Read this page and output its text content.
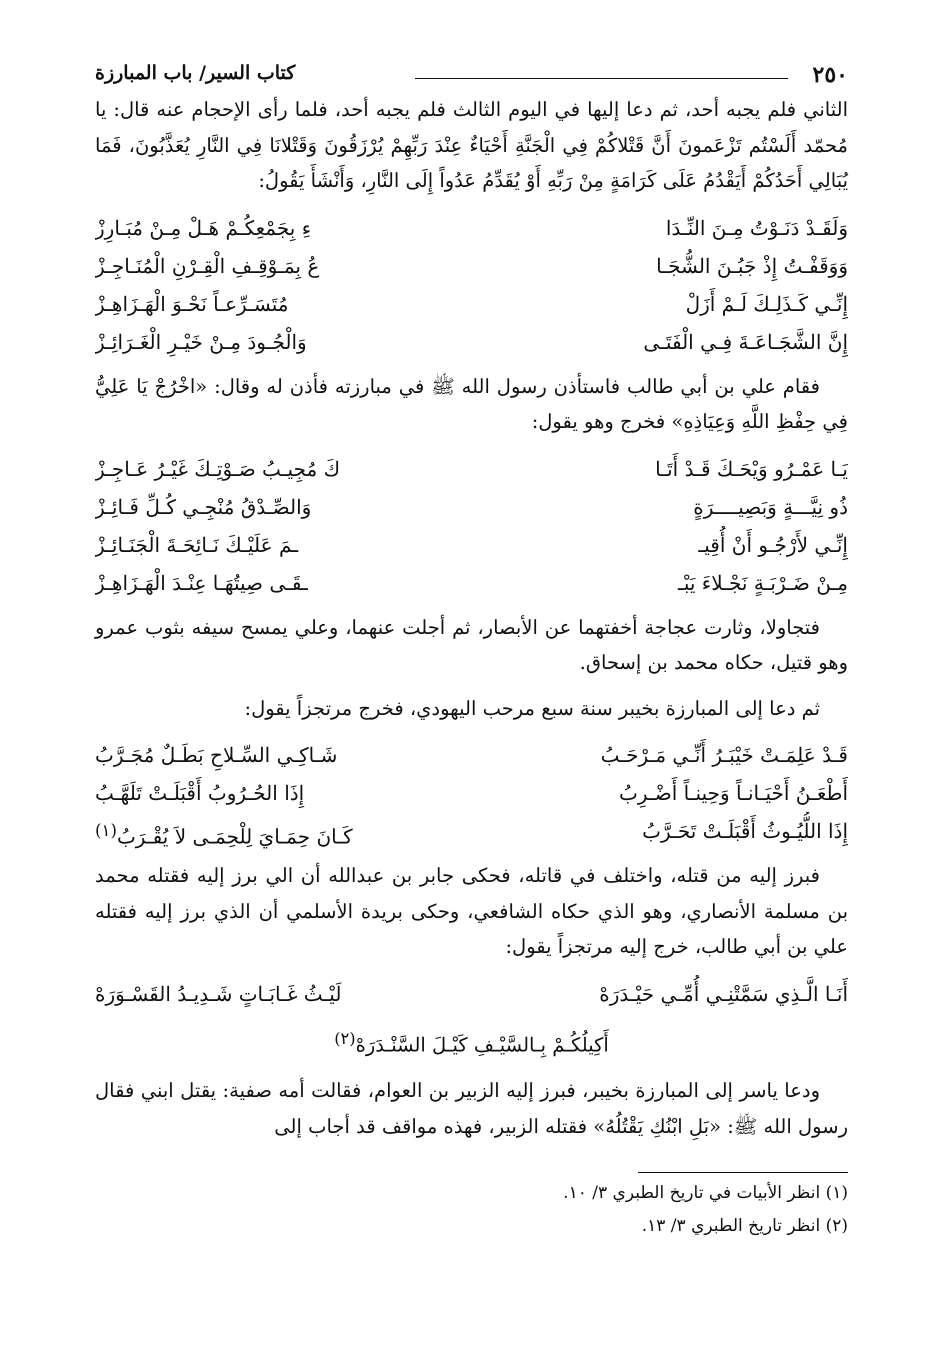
٢٥٠
كتاب السير/ باب المبارزة

الثاني فلم يجبه أحد، ثم دعا إليها في اليوم الثالث فلم يجبه أحد، فلما رأى الإحجام عنه قال: يا مُحمّد أَلَسْتُم تَزْعَمونَ أَنَّ قَتْلاكُمْ فِي الْجَنَّةِ أَحْيَاءٌ عِنْدَ رَبِّهِمْ يُرْزَقُونَ وَقَتْلانَا فِي النَّارِ يُعَذَّبُونَ، فَمَا يُبَالِي أَحَدُكُمْ أَيَقْدُمُ عَلَى كَرَامَةٍ مِنْ رَبِّهِ أَوْ يُقَدِّمُ عَدُواً إِلَى النَّارِ، وَأَنْشَأَ يَقُولُ:

وَلَقَـدْ دَنَـوْتُ مِـنَ النِّـدَا
ءِ بِجَمْعِكُـمْ هَـلْ مِـنْ مُبَـارِزْ
وَوَقَفْـتُ إِذْ جَبُـنَ الشُّجَـا
عُ بِمَـوْقِـفِ الْقِـرْنِ الْمُنَـاجِـزْ
إِنِّـي كَـذَلِـكَ لَـمْ أَزَلْ
مُتَسَـرِّعـاً نَحْـوَ الْهَـزَاهِـزْ
إِنَّ الشَّجَـاعَـةَ فِـي الْفَتَـى
وَالْجُـودَ مِـنْ خَيْـرِ الْغَـرَائِـزْ

فقام علي بن أبي طالب فاستأذن رسول الله ﷺ في مبارزته فأذن له وقال: «اخْرُجْ يَا عَلِيُّ فِي حِفْظِ اللَّهِ وَعِيَاذِهِ» فخرج وهو يقول:

يَـا عَمْـرُو وَيْحَـكَ قَـدْ أَتَـا
كَ مُجِيـبُ صَـوْتِـكَ غَيْـرُ عَـاجِـزْ
ذُو نِيَّـــةٍ وَبَصِيــــرَةٍ
وَالصِّـدْقُ مُنْجِـي كُـلِّ فَـائِـزْ
إِنِّـي لأَرْجُـو أَنْ أُقِيـ
ـمَ عَلَيْـكَ نَـائِحَـةَ الْجَنَـائِـزْ
مِـنْ ضَـرْبَـةٍ نَجْـلاءَ يَبْـ
ـقَـى صِيتُهَـا عِنْـدَ الْهَـزَاهِـزْ

فتجاولا، وثارت عجاجة أخفتهما عن الأبصار، ثم أجلت عنهما، وعلي يمسح سيفه بثوب عمرو وهو قتيل، حكاه محمد بن إسحاق.

ثم دعا إلى المبارزة بخيبر سنة سبع مرحب اليهودي، فخرج مرتجزاً يقول:

قَـدْ عَلِمَـتْ خَيْبَـرُ أَنِّـي مَـرْحَـبُ
شَـاكِـي السِّـلاحِ بَطَـلٌ مُجَـرَّبُ
أَطْعَـنُ أَحْيَـانـاً وَحِينـاً أَضْـرِبُ
إِذَا الحُـرُوبُ أَقْبَلَـتْ تَلَهَّـبُ
إِذَا اللُّيُـوثُ أَقْبَلَـتْ تَحَـرَّبُ
كَـانَ حِمَـايَ لِلْحِمَـى لاَ يُقْـرَبُ$^{(١)}$

فبرز إليه من قتله، واختلف في قاتله، فحكى جابر بن عبدالله أن الي برز إليه فقتله محمد بن مسلمة الأنصاري، وهو الذي حكاه الشافعي، وحكى بريدة الأسلمي أن الذي برز إليه فقتله علي بن أبي طالب، خرج إليه مرتجزاً يقول:

أَنَـا الَّـذِي سَمَّتْنِـي أُمِّـي حَيْـدَرَهْ
لَيْـثُ غَـابَـاتٍ شَـدِيـدُ القَسْـوَرَهْ
أَكِيلُكُـمْ بِـالسَّيْـفِ كَيْـلَ السَّنْـدَرَهْ$^{(٢)}$

ودعا ياسر إلى المبارزة بخيبر، فبرز إليه الزبير بن العوام، فقالت أمه صفية: يقتل ابني فقال رسول الله ﷺ: «بَلِ ابْنُكِ يَقْتُلُهُ» فقتله الزبير، فهذه مواقف قد أجاب إلى

(١) انظر الأبيات في تاريخ الطبري ٣/ ١٠.
(٢) انظر تاريخ الطبري ٣/ ١٣.
